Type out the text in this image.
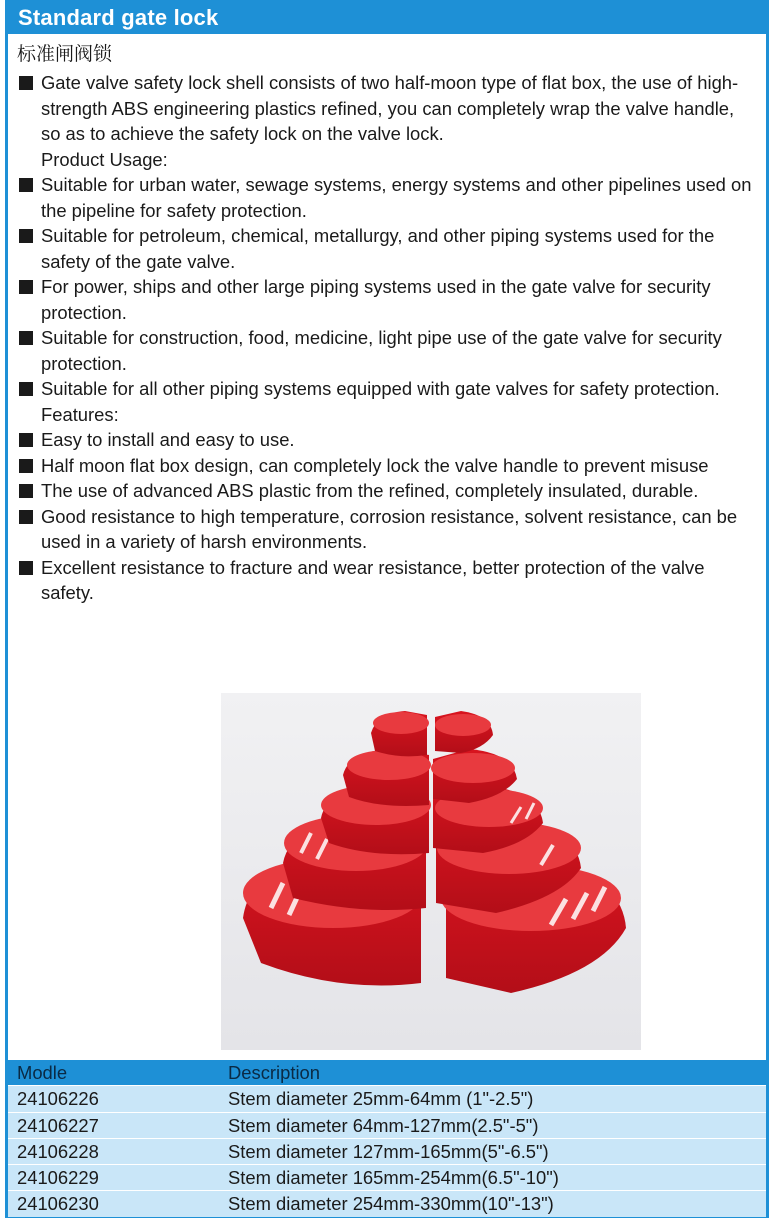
Standard gate lock
标准闸阀锁
Gate valve safety lock shell consists of two half-moon type of flat box, the use of high-strength ABS engineering plastics refined, you can completely wrap the valve handle, so as to achieve the safety lock on the valve lock.
Product Usage:
Suitable for urban water, sewage systems, energy systems and other pipelines used on the pipeline for safety protection.
Suitable for petroleum, chemical, metallurgy, and other piping systems used for the safety of the gate valve.
For power, ships and other large piping systems used in the gate valve for security protection.
Suitable for construction, food, medicine, light pipe use of the gate valve for security protection.
Suitable for all other piping systems equipped with gate valves for safety protection.
Features:
Easy to install and easy to use.
Half moon flat box design, can completely lock the valve handle to prevent misuse
The use of advanced ABS plastic from the refined, completely insulated, durable.
Good resistance to high temperature, corrosion resistance, solvent resistance, can be used in a variety of harsh environments.
Excellent resistance to fracture and wear resistance, better protection of the valve safety.
Modle	Description
24106226	Stem diameter 25mm-64mm (1"-2.5")
24106227	Stem diameter 64mm-127mm(2.5"-5")
24106228	Stem diameter 127mm-165mm(5"-6.5")
24106229	Stem diameter 165mm-254mm(6.5"-10")
24106230	Stem diameter 254mm-330mm(10"-13")
